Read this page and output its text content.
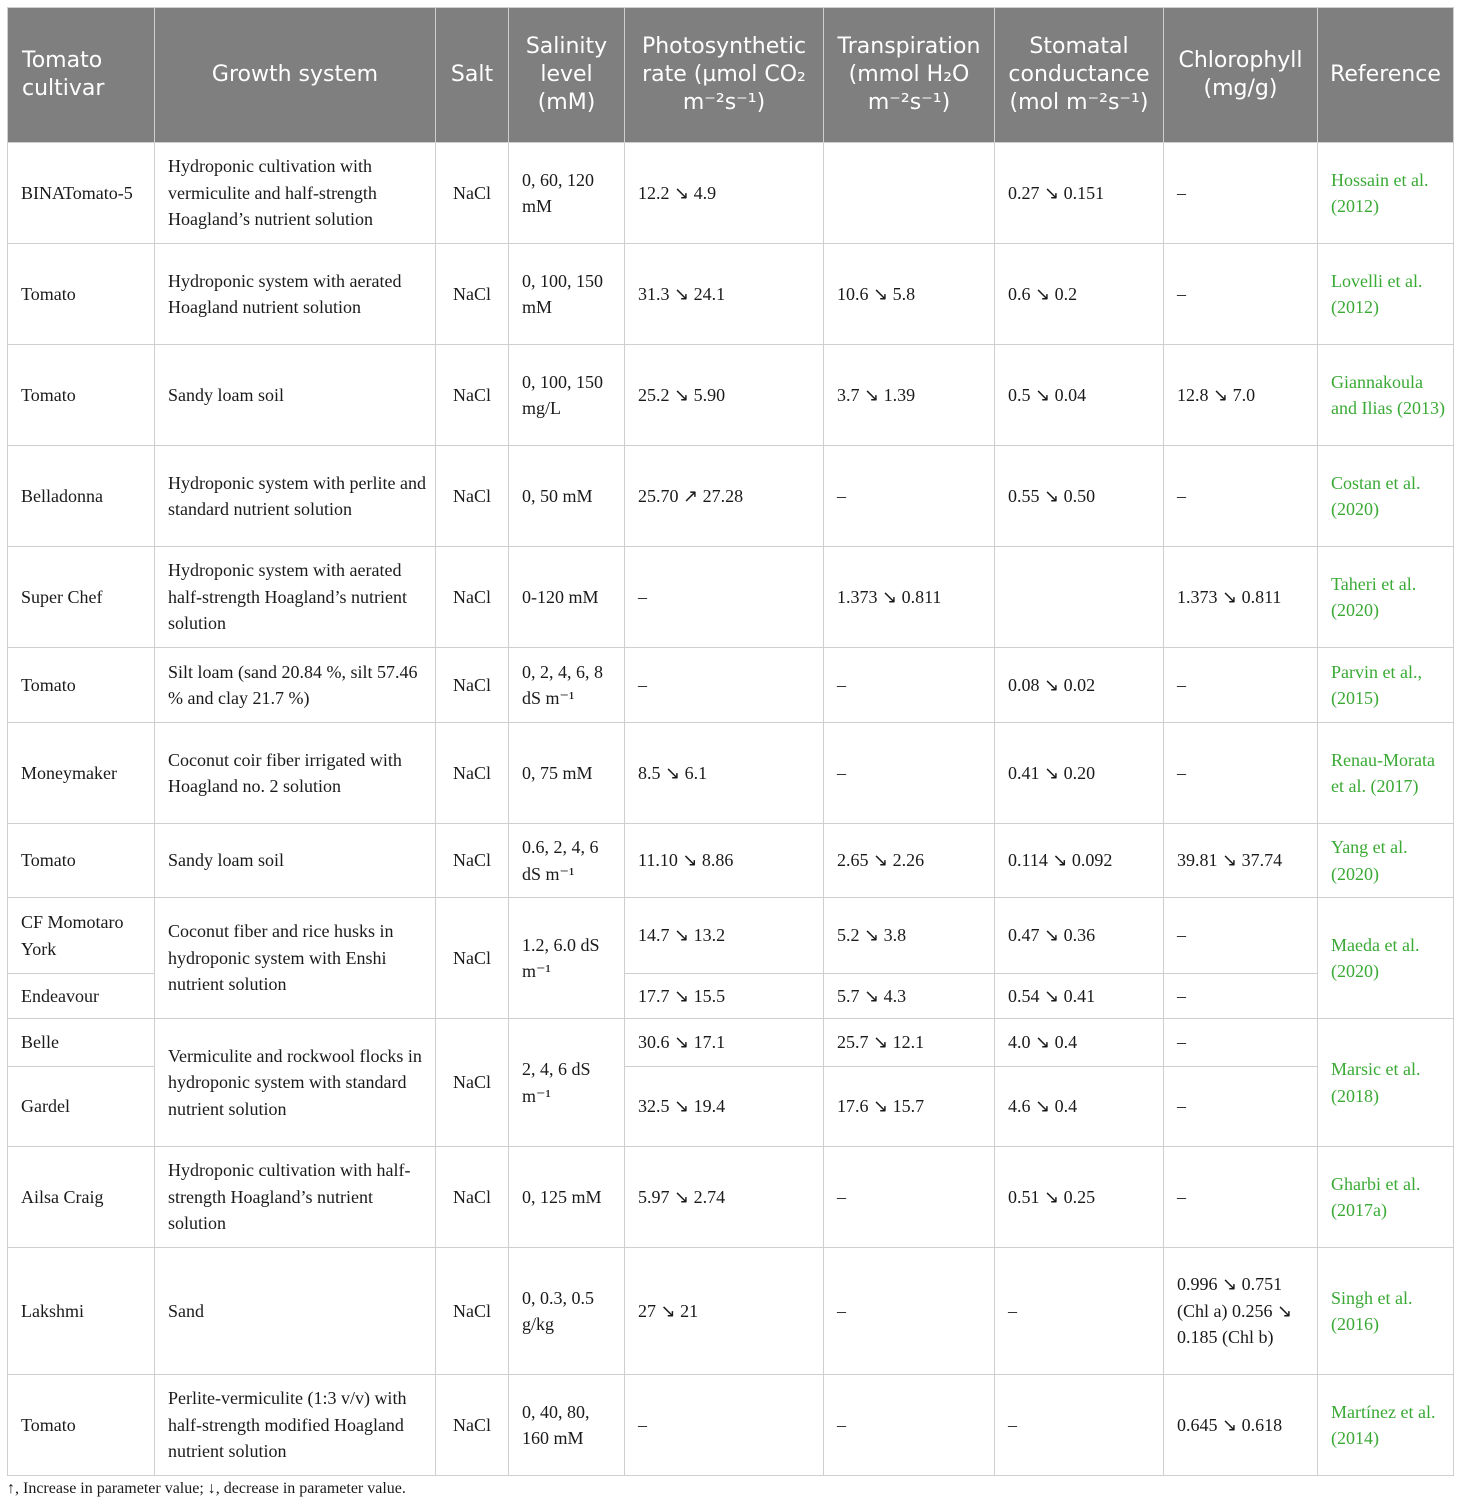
Tomato cultivar	Growth system	Salt	Salinity level (mM)	Photosynthetic rate (µmol CO₂ m⁻²s⁻¹)	Transpiration (mmol H₂O m⁻²s⁻¹)	Stomatal conductance (mol m⁻²s⁻¹)	Chlorophyll (mg/g)	Reference
BINATomato-5	Hydroponic cultivation with vermiculite and half-strength Hoagland’s nutrient solution	NaCl	0, 60, 120 mM	12.2 ↘ 4.9		0.27 ↘ 0.151	–	Hossain et al. (2012)
Tomato	Hydroponic system with aerated Hoagland nutrient solution	NaCl	0, 100, 150 mM	31.3 ↘ 24.1	10.6 ↘ 5.8	0.6 ↘ 0.2	–	Lovelli et al. (2012)
Tomato	Sandy loam soil	NaCl	0, 100, 150 mg/L	25.2 ↘ 5.90	3.7 ↘ 1.39	0.5 ↘ 0.04	12.8 ↘ 7.0	Giannakoula and Ilias (2013)
Belladonna	Hydroponic system with perlite and standard nutrient solution	NaCl	0, 50 mM	25.70 ↗ 27.28	–	0.55 ↘ 0.50	–	Costan et al. (2020)
Super Chef	Hydroponic system with aerated half-strength Hoagland’s nutrient solution	NaCl	0-120 mM	–	1.373 ↘ 0.811		1.373 ↘ 0.811	Taheri et al. (2020)
Tomato	Silt loam (sand 20.84 %, silt 57.46 % and clay 21.7 %)	NaCl	0, 2, 4, 6, 8 dS m⁻¹	–	–	0.08 ↘ 0.02	–	Parvin et al., (2015)
Moneymaker	Coconut coir fiber irrigated with Hoagland no. 2 solution	NaCl	0, 75 mM	8.5 ↘ 6.1	–	0.41 ↘ 0.20	–	Renau-Morata et al. (2017)
Tomato	Sandy loam soil	NaCl	0.6, 2, 4, 6 dS m⁻¹	11.10 ↘ 8.86	2.65 ↘ 2.26	0.114 ↘ 0.092	39.81 ↘ 37.74	Yang et al. (2020)
CF Momotaro York	Coconut fiber and rice husks in hydroponic system with Enshi nutrient solution	NaCl	1.2, 6.0 dS m⁻¹	14.7 ↘ 13.2	5.2 ↘ 3.8	0.47 ↘ 0.36	–	Maeda et al. (2020)
Endeavour				17.7 ↘ 15.5	5.7 ↘ 4.3	0.54 ↘ 0.41	–	
Belle	Vermiculite and rockwool flocks in hydroponic system with standard nutrient solution	NaCl	2, 4, 6 dS m⁻¹	30.6 ↘ 17.1	25.7 ↘ 12.1	4.0 ↘ 0.4	–	Marsic et al. (2018)
Gardel				32.5 ↘ 19.4	17.6 ↘ 15.7	4.6 ↘ 0.4	–	
Ailsa Craig	Hydroponic cultivation with half-strength Hoagland’s nutrient solution	NaCl	0, 125 mM	5.97 ↘ 2.74	–	0.51 ↘ 0.25	–	Gharbi et al. (2017a)
Lakshmi	Sand	NaCl	0, 0.3, 0.5 g/kg	27 ↘ 21	–	–	0.996 ↘ 0.751 (Chl a) 0.256 ↘ 0.185 (Chl b)	Singh et al. (2016)
Tomato	Perlite-vermiculite (1:3 v/v) with half-strength modified Hoagland nutrient solution	NaCl	0, 40, 80, 160 mM	–	–	–	0.645 ↘ 0.618	Martínez et al. (2014)
↑, Increase in parameter value; ↓, decrease in parameter value.
